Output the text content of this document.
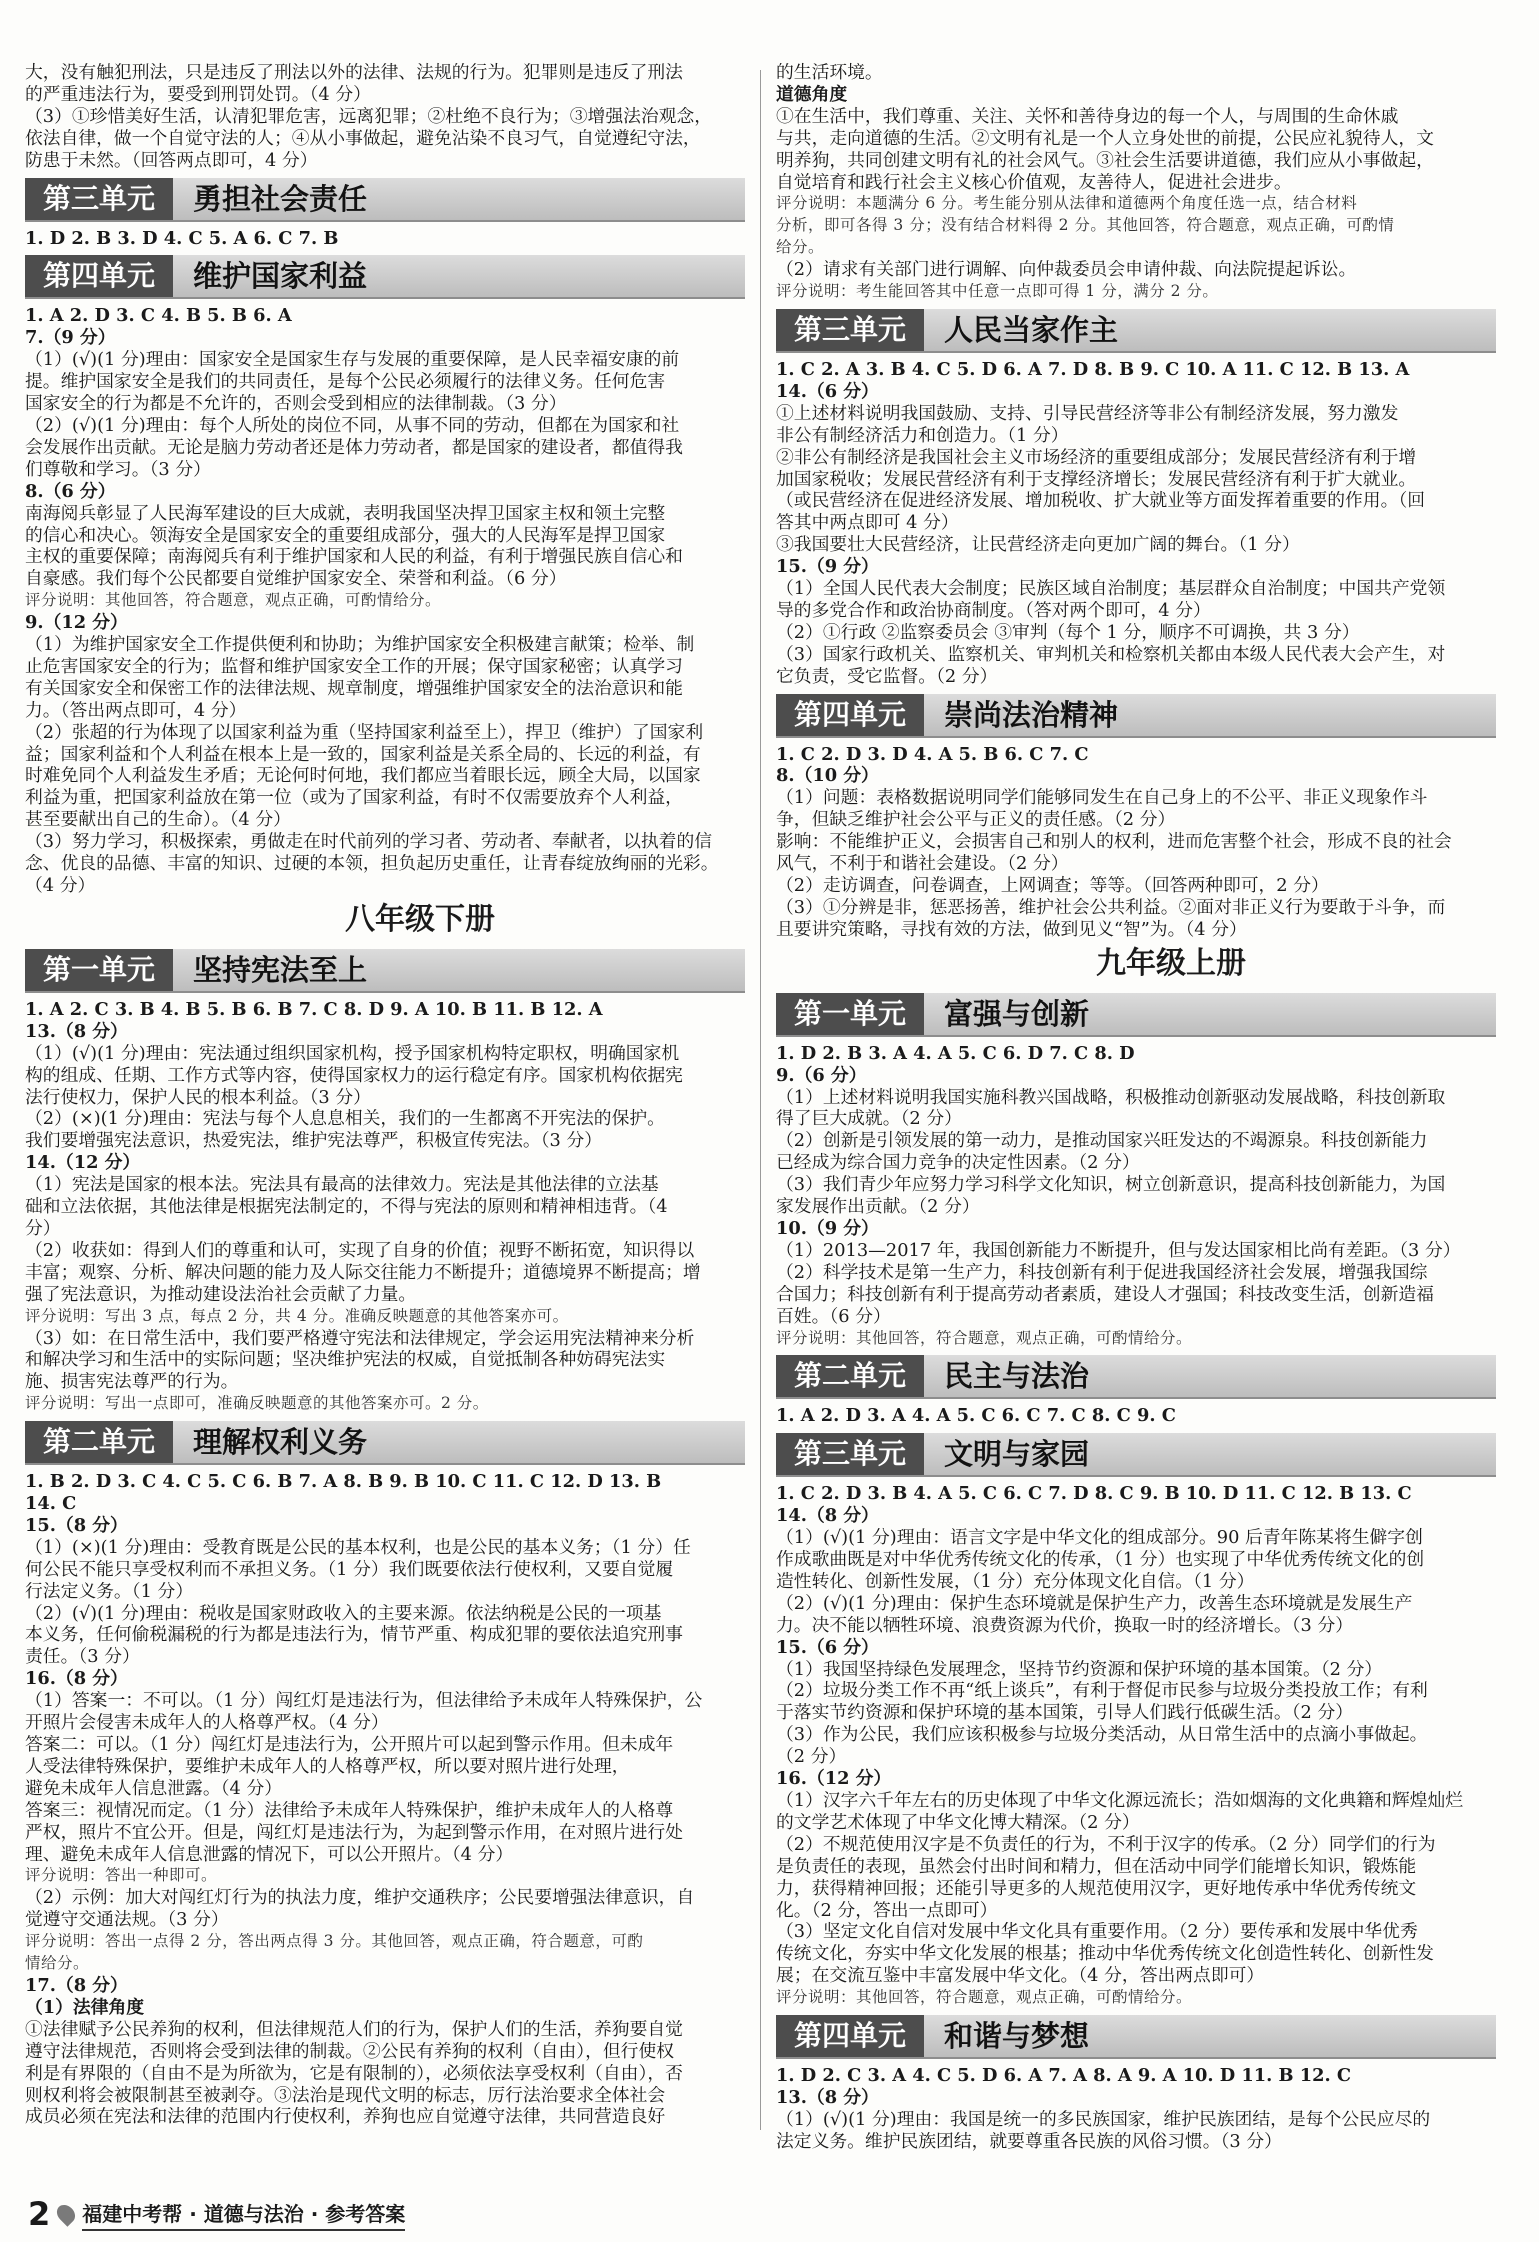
大，没有触犯刑法，只是违反了刑法以外的法律、法规的行为。犯罪则是违反了刑法
的严重违法行为，要受到刑罚处罚。（4 分）
（3）①珍惜美好生活，认清犯罪危害，远离犯罪；②杜绝不良行为；③增强法治观念，
依法自律，做一个自觉守法的人；④从小事做起，避免沾染不良习气，自觉遵纪守法，
防患于未然。（回答两点即可，4 分）
第三单元	勇担社会责任
1. D 2. B 3. D 4. C 5. A 6. C 7. B
第四单元	维护国家利益
1. A 2. D 3. C 4. B 5. B 6. A
7.（9 分）
（1）(√)(1 分)理由：国家安全是国家生存与发展的重要保障，是人民幸福安康的前
提。维护国家安全是我们的共同责任，是每个公民必须履行的法律义务。任何危害
国家安全的行为都是不允许的，否则会受到相应的法律制裁。（3 分）
（2）(√)(1 分)理由：每个人所处的岗位不同，从事不同的劳动，但都在为国家和社
会发展作出贡献。无论是脑力劳动者还是体力劳动者，都是国家的建设者，都值得我
们尊敬和学习。（3 分）
8.（6 分）
南海阅兵彰显了人民海军建设的巨大成就，表明我国坚决捍卫国家主权和领土完整
的信心和决心。领海安全是国家安全的重要组成部分，强大的人民海军是捍卫国家
主权的重要保障；南海阅兵有利于维护国家和人民的利益，有利于增强民族自信心和
自豪感。我们每个公民都要自觉维护国家安全、荣誉和利益。（6 分）
评分说明：其他回答，符合题意，观点正确，可酌情给分。
9.（12 分）
（1）为维护国家安全工作提供便利和协助；为维护国家安全积极建言献策；检举、制
止危害国家安全的行为；监督和维护国家安全工作的开展；保守国家秘密；认真学习
有关国家安全和保密工作的法律法规、规章制度，增强维护国家安全的法治意识和能
力。（答出两点即可，4 分）
（2）张超的行为体现了以国家利益为重（坚持国家利益至上），捍卫（维护）了国家利
益；国家利益和个人利益在根本上是一致的，国家利益是关系全局的、长远的利益，有
时难免同个人利益发生矛盾；无论何时何地，我们都应当着眼长远，顾全大局，以国家
利益为重，把国家利益放在第一位（或为了国家利益，有时不仅需要放弃个人利益，
甚至要献出自己的生命）。（4 分）
（3）努力学习，积极探索，勇做走在时代前列的学习者、劳动者、奉献者，以执着的信
念、优良的品德、丰富的知识、过硬的本领，担负起历史重任，让青春绽放绚丽的光彩。
（4 分）
八年级下册
第一单元	坚持宪法至上
1. A 2. C 3. B 4. B 5. B 6. B 7. C 8. D 9. A 10. B 11. B 12. A
13.（8 分）
（1）(√)(1 分)理由：宪法通过组织国家机构，授予国家机构特定职权，明确国家机
构的组成、任期、工作方式等内容，使得国家权力的运行稳定有序。国家机构依据宪
法行使权力，保护人民的根本利益。（3 分）
（2）(×)(1 分)理由：宪法与每个人息息相关，我们的一生都离不开宪法的保护。
我们要增强宪法意识，热爱宪法，维护宪法尊严，积极宣传宪法。（3 分）
14.（12 分）
（1）宪法是国家的根本法。宪法具有最高的法律效力。宪法是其他法律的立法基
础和立法依据，其他法律是根据宪法制定的，不得与宪法的原则和精神相违背。（4
分）
（2）收获如：得到人们的尊重和认可，实现了自身的价值；视野不断拓宽，知识得以
丰富；观察、分析、解决问题的能力及人际交往能力不断提升；道德境界不断提高；增
强了宪法意识，为推动建设法治社会贡献了力量。
评分说明：写出 3 点，每点 2 分，共 4 分。准确反映题意的其他答案亦可。
（3）如：在日常生活中，我们要严格遵守宪法和法律规定，学会运用宪法精神来分析
和解决学习和生活中的实际问题；坚决维护宪法的权威，自觉抵制各种妨碍宪法实
施、损害宪法尊严的行为。
评分说明：写出一点即可，准确反映题意的其他答案亦可。2 分。
第二单元	理解权利义务
1. B 2. D 3. C 4. C 5. C 6. B 7. A 8. B 9. B 10. C 11. C 12. D 13. B
14. C
15.（8 分）
（1）(×)(1 分)理由：受教育既是公民的基本权利，也是公民的基本义务；（1 分）任
何公民不能只享受权利而不承担义务。（1 分）我们既要依法行使权利，又要自觉履
行法定义务。（1 分）
（2）(√)(1 分)理由：税收是国家财政收入的主要来源。依法纳税是公民的一项基
本义务，任何偷税漏税的行为都是违法行为，情节严重、构成犯罪的要依法追究刑事
责任。（3 分）
16.（8 分）
（1）答案一：不可以。（1 分）闯红灯是违法行为，但法律给予未成年人特殊保护，公
开照片会侵害未成年人的人格尊严权。（4 分）
答案二：可以。（1 分）闯红灯是违法行为，公开照片可以起到警示作用。但未成年
人受法律特殊保护，要维护未成年人的人格尊严权，所以要对照片进行处理，
避免未成年人信息泄露。（4 分）
答案三：视情况而定。（1 分）法律给予未成年人特殊保护，维护未成年人的人格尊
严权，照片不宜公开。但是，闯红灯是违法行为，为起到警示作用，在对照片进行处
理、避免未成年人信息泄露的情况下，可以公开照片。（4 分）
评分说明：答出一种即可。
（2）示例：加大对闯红灯行为的执法力度，维护交通秩序；公民要增强法律意识，自
觉遵守交通法规。（3 分）
评分说明：答出一点得 2 分，答出两点得 3 分。其他回答，观点正确，符合题意，可酌
情给分。
17.（8 分）
（1）法律角度
①法律赋予公民养狗的权利，但法律规范人们的行为，保护人们的生活，养狗要自觉
遵守法律规范，否则将会受到法律的制裁。②公民有养狗的权利（自由），但行使权
利是有界限的（自由不是为所欲为，它是有限制的），必须依法享受权利（自由），否
则权利将会被限制甚至被剥夺。③法治是现代文明的标志，厉行法治要求全体社会
成员必须在宪法和法律的范围内行使权利，养狗也应自觉遵守法律，共同营造良好
的生活环境。
道德角度
①在生活中，我们尊重、关注、关怀和善待身边的每一个人，与周围的生命休戚
与共，走向道德的生活。②文明有礼是一个人立身处世的前提，公民应礼貌待人，文
明养狗，共同创建文明有礼的社会风气。③社会生活要讲道德，我们应从小事做起，
自觉培育和践行社会主义核心价值观，友善待人，促进社会进步。
评分说明：本题满分 6 分。考生能分别从法律和道德两个角度任选一点，结合材料
分析，即可各得 3 分；没有结合材料得 2 分。其他回答，符合题意，观点正确，可酌情
给分。
（2）请求有关部门进行调解、向仲裁委员会申请仲裁、向法院提起诉讼。
评分说明：考生能回答其中任意一点即可得 1 分，满分 2 分。
第三单元	人民当家作主
1. C 2. A 3. B 4. C 5. D 6. A 7. D 8. B 9. C 10. A 11. C 12. B 13. A
14.（6 分）
①上述材料说明我国鼓励、支持、引导民营经济等非公有制经济发展，努力激发
非公有制经济活力和创造力。（1 分）
②非公有制经济是我国社会主义市场经济的重要组成部分；发展民营经济有利于增
加国家税收；发展民营经济有利于支撑经济增长；发展民营经济有利于扩大就业。
（或民营经济在促进经济发展、增加税收、扩大就业等方面发挥着重要的作用。（回
答其中两点即可 4 分）
③我国要壮大民营经济，让民营经济走向更加广阔的舞台。（1 分）
15.（9 分）
（1）全国人民代表大会制度；民族区域自治制度；基层群众自治制度；中国共产党领
导的多党合作和政治协商制度。（答对两个即可，4 分）
（2）①行政 ②监察委员会 ③审判（每个 1 分，顺序不可调换，共 3 分）
（3）国家行政机关、监察机关、审判机关和检察机关都由本级人民代表大会产生，对
它负责，受它监督。（2 分）
第四单元	崇尚法治精神
1. C 2. D 3. D 4. A 5. B 6. C 7. C
8.（10 分）
（1）问题：表格数据说明同学们能够同发生在自己身上的不公平、非正义现象作斗
争，但缺乏维护社会公平与正义的责任感。（2 分）
影响：不能维护正义，会损害自己和别人的权利，进而危害整个社会，形成不良的社会
风气，不利于和谐社会建设。（2 分）
（2）走访调查，问卷调查，上网调查；等等。（回答两种即可，2 分）
（3）①分辨是非，惩恶扬善，维护社会公共利益。②面对非正义行为要敢于斗争，而
且要讲究策略，寻找有效的方法，做到见义“智”为。（4 分）
九年级上册
第一单元	富强与创新
1. D 2. B 3. A 4. A 5. C 6. D 7. C 8. D
9.（6 分）
（1）上述材料说明我国实施科教兴国战略，积极推动创新驱动发展战略，科技创新取
得了巨大成就。（2 分）
（2）创新是引领发展的第一动力，是推动国家兴旺发达的不竭源泉。科技创新能力
已经成为综合国力竞争的决定性因素。（2 分）
（3）我们青少年应努力学习科学文化知识，树立创新意识，提高科技创新能力，为国
家发展作出贡献。（2 分）
10.（9 分）
（1）2013—2017 年，我国创新能力不断提升，但与发达国家相比尚有差距。（3 分）
（2）科学技术是第一生产力，科技创新有利于促进我国经济社会发展，增强我国综
合国力；科技创新有利于提高劳动者素质，建设人才强国；科技改变生活，创新造福
百姓。（6 分）
评分说明：其他回答，符合题意，观点正确，可酌情给分。
第二单元	民主与法治
1. A 2. D 3. A 4. A 5. C 6. C 7. C 8. C 9. C
第三单元	文明与家园
1. C 2. D 3. B 4. A 5. C 6. C 7. D 8. C 9. B 10. D 11. C 12. B 13. C
14.（8 分）
（1）(√)(1 分)理由：语言文字是中华文化的组成部分。90 后青年陈某将生僻字创
作成歌曲既是对中华优秀传统文化的传承，（1 分）也实现了中华优秀传统文化的创
造性转化、创新性发展，（1 分）充分体现文化自信。（1 分）
（2）(√)(1 分)理由：保护生态环境就是保护生产力，改善生态环境就是发展生产
力。决不能以牺牲环境、浪费资源为代价，换取一时的经济增长。（3 分）
15.（6 分）
（1）我国坚持绿色发展理念，坚持节约资源和保护环境的基本国策。（2 分）
（2）垃圾分类工作不再“纸上谈兵”，有利于督促市民参与垃圾分类投放工作；有利
于落实节约资源和保护环境的基本国策，引导人们践行低碳生活。（2 分）
（3）作为公民，我们应该积极参与垃圾分类活动，从日常生活中的点滴小事做起。
（2 分）
16.（12 分）
（1）汉字六千年左右的历史体现了中华文化源远流长；浩如烟海的文化典籍和辉煌灿烂
的文学艺术体现了中华文化博大精深。（2 分）
（2）不规范使用汉字是不负责任的行为，不利于汉字的传承。（2 分）同学们的行为
是负责任的表现，虽然会付出时间和精力，但在活动中同学们能增长知识，锻炼能
力，获得精神回报；还能引导更多的人规范使用汉字，更好地传承中华优秀传统文
化。（2 分，答出一点即可）
（3）坚定文化自信对发展中华文化具有重要作用。（2 分）要传承和发展中华优秀
传统文化，夯实中华文化发展的根基；推动中华优秀传统文化创造性转化、创新性发
展；在交流互鉴中丰富发展中华文化。（4 分，答出两点即可）
评分说明：其他回答，符合题意，观点正确，可酌情给分。
第四单元	和谐与梦想
1. D 2. C 3. A 4. C 5. D 6. A 7. A 8. A 9. A 10. D 11. B 12. C
13.（8 分）
（1）(√)(1 分)理由：我国是统一的多民族国家，维护民族团结，是每个公民应尽的
法定义务。维护民族团结，就要尊重各民族的风俗习惯。（3 分）
2 福建中考帮 · 道德与法治 · 参考答案
